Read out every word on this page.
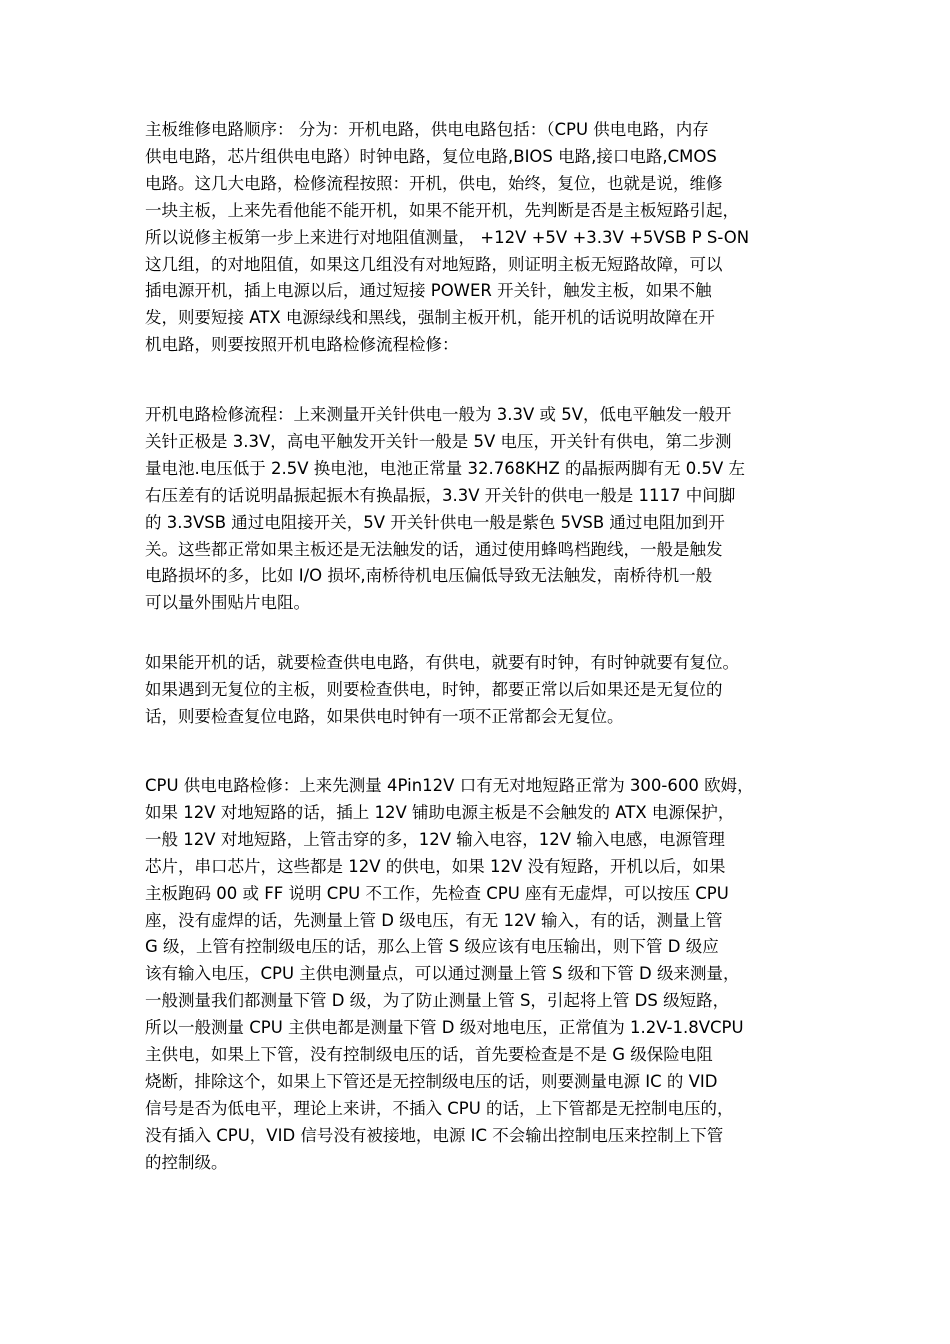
主板维修电路顺序： 分为：开机电路，供电电路包括：（CPU 供电电路，内存
供电电路，芯片组供电电路）时钟电路，复位电路,BIOS 电路,接口电路,CMOS
电路。这几大电路，检修流程按照：开机，供电，始终，复位，也就是说，维修
一块主板，上来先看他能不能开机，如果不能开机，先判断是否是主板短路引起，
所以说修主板第一步上来进行对地阻值测量， +12V +5V +3.3V +5VSB P S-ON
这几组，的对地阻值，如果这几组没有对地短路，则证明主板无短路故障，可以
插电源开机，插上电源以后，通过短接 POWER 开关针，触发主板，如果不触
发，则要短接 ATX 电源绿线和黑线，强制主板开机，能开机的话说明故障在开
机电路，则要按照开机电路检修流程检修：

开机电路检修流程：上来测量开关针供电一般为 3.3V 或 5V，低电平触发一般开
关针正极是 3.3V，高电平触发开关针一般是 5V 电压，开关针有供电，第二步测
量电池.电压低于 2.5V 换电池，电池正常量 32.768KHZ 的晶振两脚有无 0.5V 左
右压差有的话说明晶振起振木有换晶振，3.3V 开关针的供电一般是 1117 中间脚
的 3.3VSB 通过电阻接开关，5V 开关针供电一般是紫色 5VSB 通过电阻加到开
关。这些都正常如果主板还是无法触发的话，通过使用蜂鸣档跑线，一般是触发
电路损坏的多，比如 I/O 损坏,南桥待机电压偏低导致无法触发，南桥待机一般
可以量外围贴片电阻。

如果能开机的话，就要检查供电电路，有供电，就要有时钟，有时钟就要有复位。
如果遇到无复位的主板，则要检查供电，时钟，都要正常以后如果还是无复位的
话，则要检查复位电路，如果供电时钟有一项不正常都会无复位。

CPU 供电电路检修：上来先测量 4Pin12V 口有无对地短路正常为 300-600 欧姆，
如果 12V 对地短路的话，插上 12V 铺助电源主板是不会触发的 ATX 电源保护，
一般 12V 对地短路，上管击穿的多，12V 输入电容，12V 输入电感，电源管理
芯片，串口芯片，这些都是 12V 的供电，如果 12V 没有短路，开机以后，如果
主板跑码 00 或 FF 说明 CPU 不工作，先检查 CPU 座有无虚焊，可以按压 CPU
座，没有虚焊的话，先测量上管 D 级电压，有无 12V 输入，有的话，测量上管
G 级，上管有控制级电压的话，那么上管 S 级应该有电压输出，则下管 D 级应
该有输入电压，CPU 主供电测量点，可以通过测量上管 S 级和下管 D 级来测量，
一般测量我们都测量下管 D 级，为了防止测量上管 S，引起将上管 DS 级短路，
所以一般测量 CPU 主供电都是测量下管 D 级对地电压，正常值为 1.2V-1.8VCPU
主供电，如果上下管，没有控制级电压的话，首先要检查是不是 G 级保险电阻
烧断，排除这个，如果上下管还是无控制级电压的话，则要测量电源 IC 的 VID
信号是否为低电平，理论上来讲，不插入 CPU 的话，上下管都是无控制电压的，
没有插入 CPU，VID 信号没有被接地，电源 IC 不会输出控制电压来控制上下管
的控制级。
